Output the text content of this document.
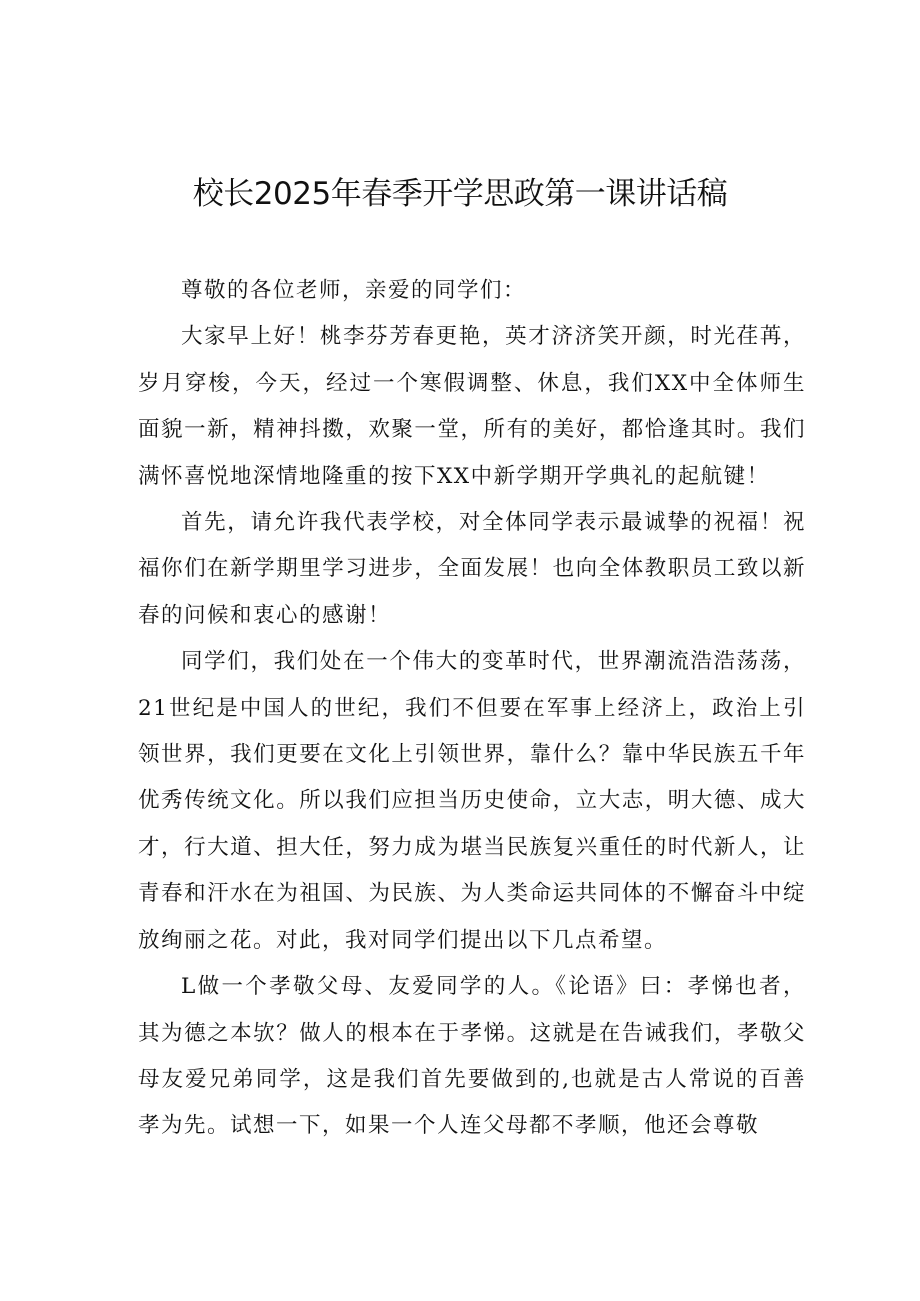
校长2025年春季开学思政第一课讲话稿

尊敬的各位老师，亲爱的同学们：

大家早上好！桃李芬芳春更艳，英才济济笑开颜，时光荏苒，岁月穿梭，今天，经过一个寒假调整、休息，我们XX中全体师生面貌一新，精神抖擞，欢聚一堂，所有的美好，都恰逢其时。我们满怀喜悦地深情地隆重的按下XX中新学期开学典礼的起航键！

首先，请允许我代表学校，对全体同学表示最诚挚的祝福！祝福你们在新学期里学习进步，全面发展！也向全体教职员工致以新春的问候和衷心的感谢！

同学们，我们处在一个伟大的变革时代，世界潮流浩浩荡荡，21世纪是中国人的世纪，我们不但要在军事上经济上，政治上引领世界，我们更要在文化上引领世界，靠什么？靠中华民族五千年优秀传统文化。所以我们应担当历史使命，立大志，明大德、成大才，行大道、担大任，努力成为堪当民族复兴重任的时代新人，让青春和汗水在为祖国、为民族、为人类命运共同体的不懈奋斗中绽放绚丽之花。对此，我对同学们提出以下几点希望。

L做一个孝敬父母、友爱同学的人。《论语》曰：孝悌也者，其为德之本欤？做人的根本在于孝悌。这就是在告诫我们，孝敬父母友爱兄弟同学，这是我们首先要做到的,也就是古人常说的百善孝为先。试想一下，如果一个人连父母都不孝顺，他还会尊敬
